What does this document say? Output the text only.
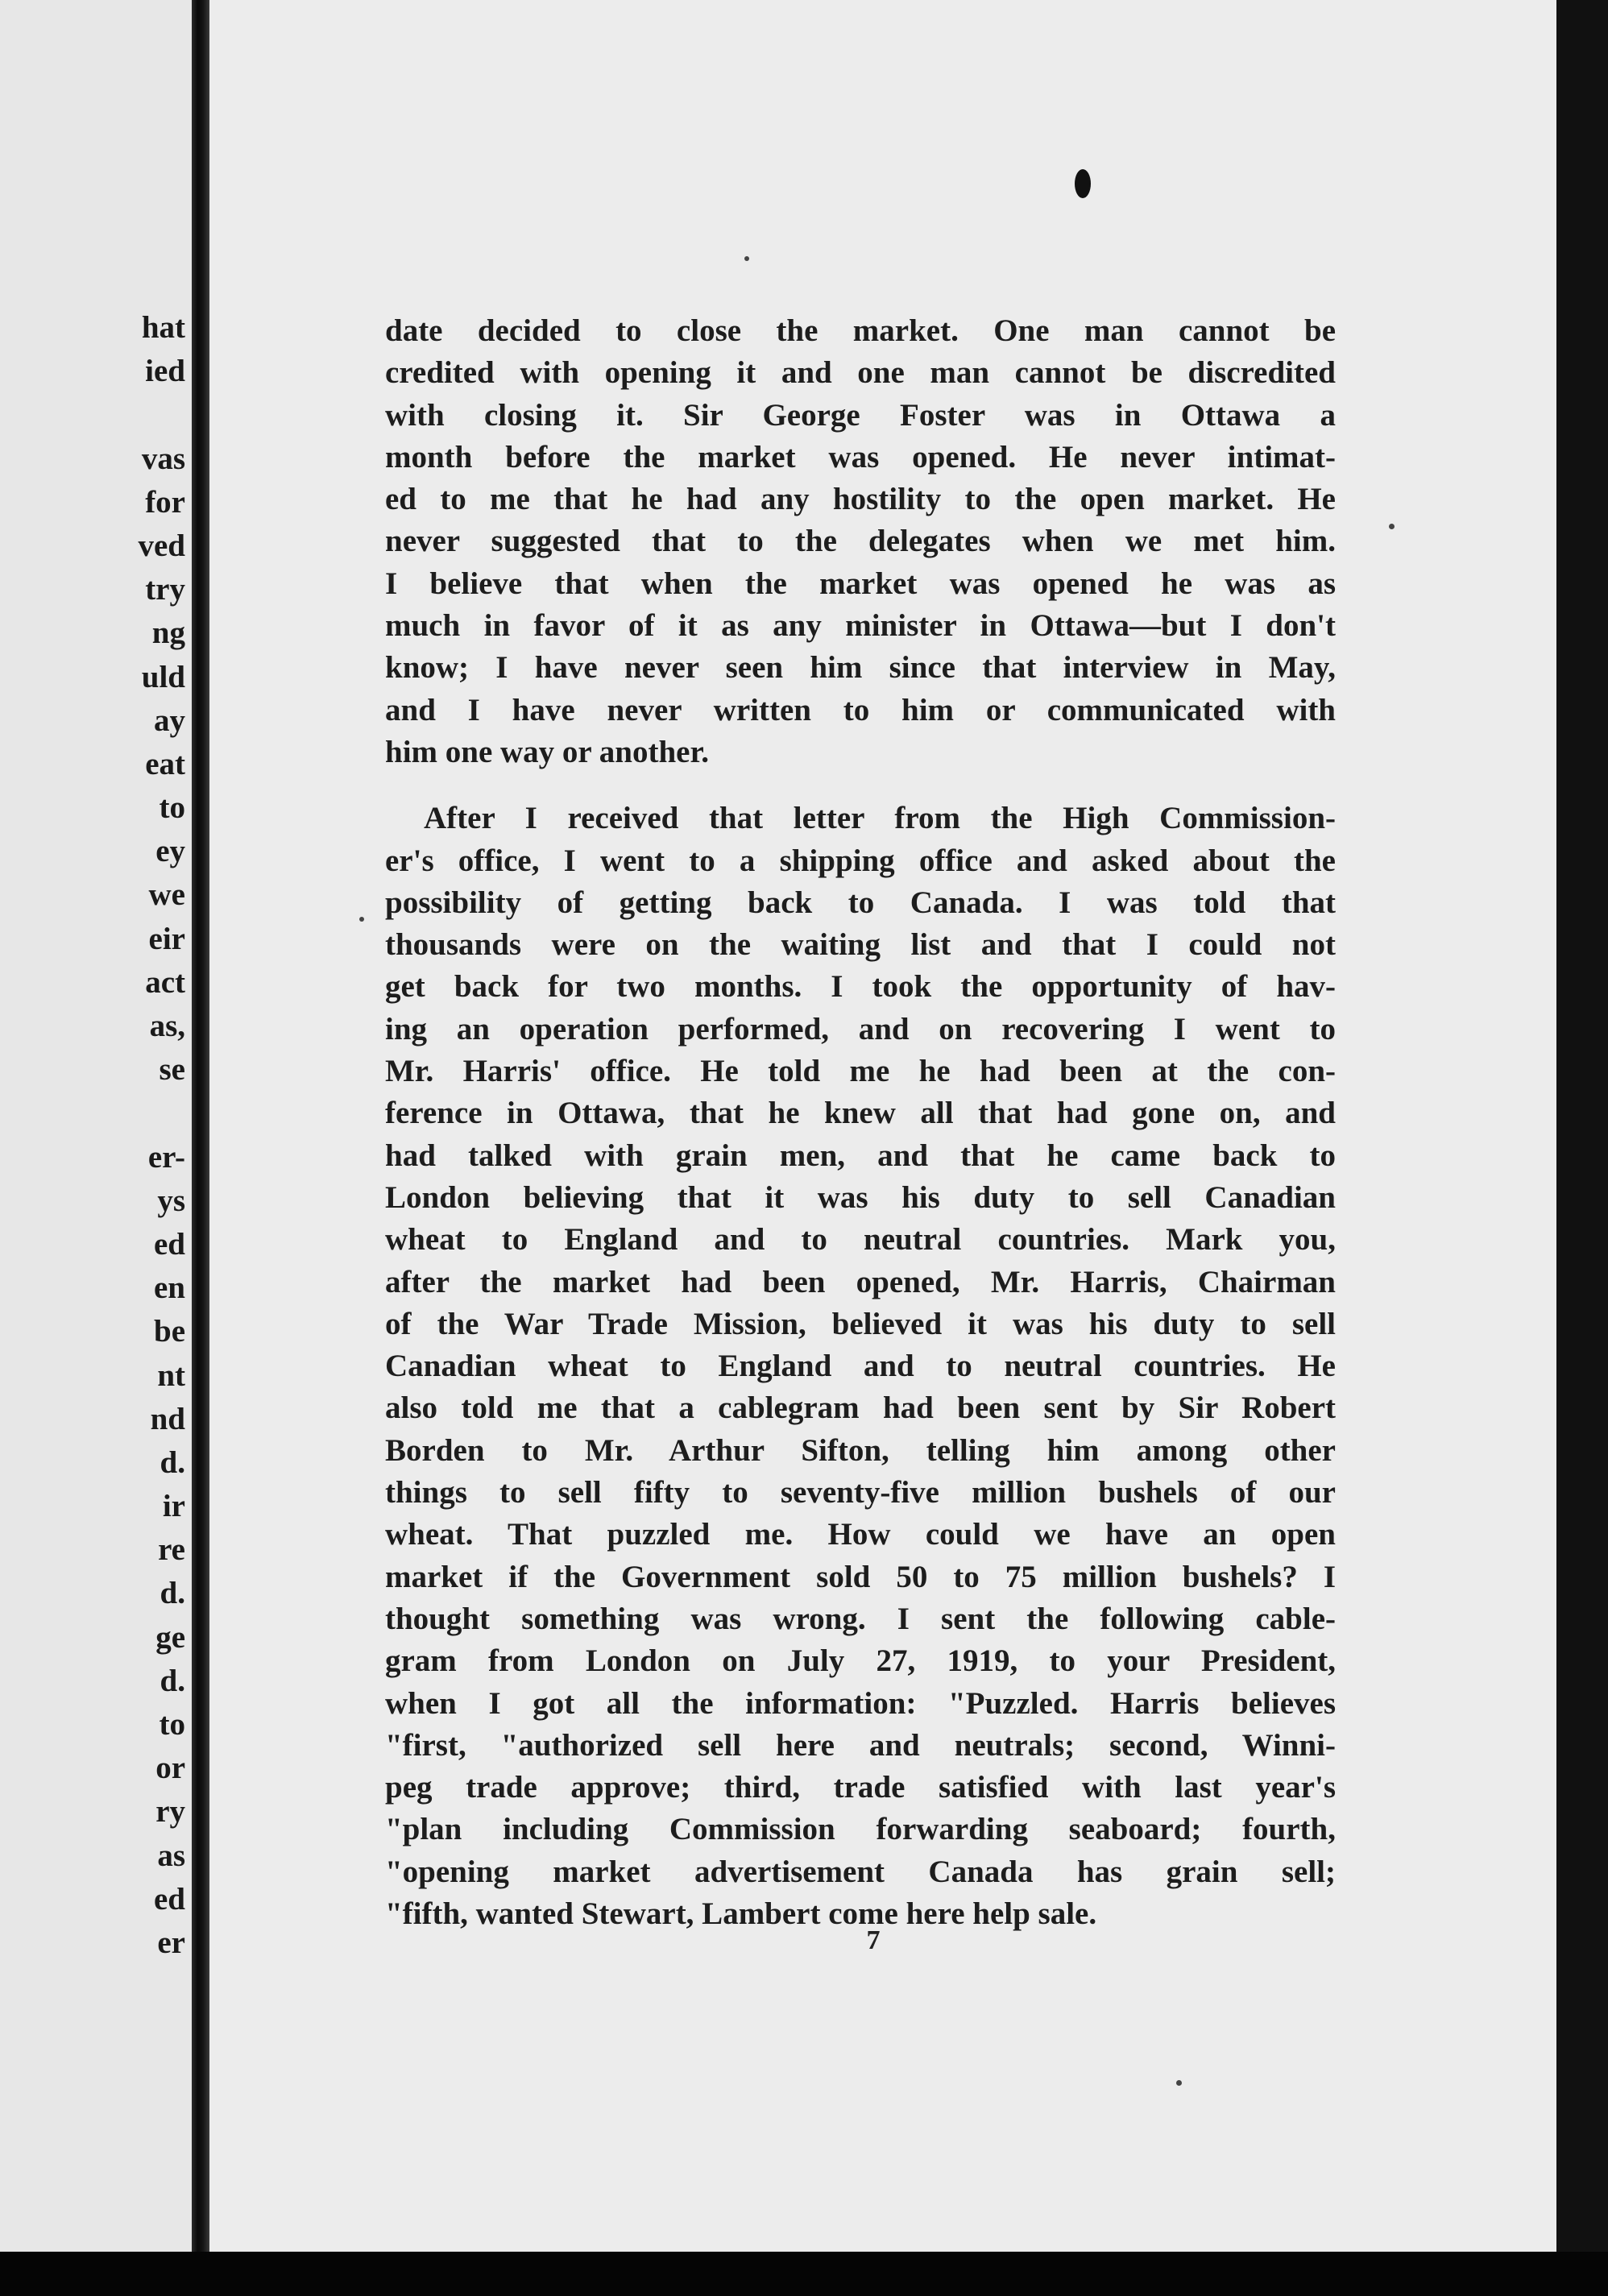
hat
ied
vas
for
ved
try
ng
uld
ay
eat
to
ey
we
eir
act
as,
se
er-
ys
ed
en
be
nt
nd
d.
ir
re
d.
ge
d.
to
or
ry
as
ed
er
date decided to close the market. One man cannot be
credited with opening it and one man cannot be discredited
with closing it. Sir George Foster was in Ottawa a
month before the market was opened. He never intimat-
ed to me that he had any hostility to the open market. He
never suggested that to the delegates when we met him.
I believe that when the market was opened he was as
much in favor of it as any minister in Ottawa—but I don't
know; I have never seen him since that interview in May,
and I have never written to him or communicated with
him one way or another.
After I received that letter from the High Commission-
er's office, I went to a shipping office and asked about the
possibility of getting back to Canada. I was told that
thousands were on the waiting list and that I could not
get back for two months. I took the opportunity of hav-
ing an operation performed, and on recovering I went to
Mr. Harris' office. He told me he had been at the con-
ference in Ottawa, that he knew all that had gone on, and
had talked with grain men, and that he came back to
London believing that it was his duty to sell Canadian
wheat to England and to neutral countries. Mark you,
after the market had been opened, Mr. Harris, Chairman
of the War Trade Mission, believed it was his duty to sell
Canadian wheat to England and to neutral countries. He
also told me that a cablegram had been sent by Sir Robert
Borden to Mr. Arthur Sifton, telling him among other
things to sell fifty to seventy-five million bushels of our
wheat. That puzzled me. How could we have an open
market if the Government sold 50 to 75 million bushels? I
thought something was wrong. I sent the following cable-
gram from London on July 27, 1919, to your President,
when I got all the information: "Puzzled. Harris believes
"first, "authorized sell here and neutrals; second, Winni-
peg trade approve; third, trade satisfied with last year's
"plan including Commission forwarding seaboard; fourth,
"opening market advertisement Canada has grain sell;
"fifth, wanted Stewart, Lambert come here help sale.
7
